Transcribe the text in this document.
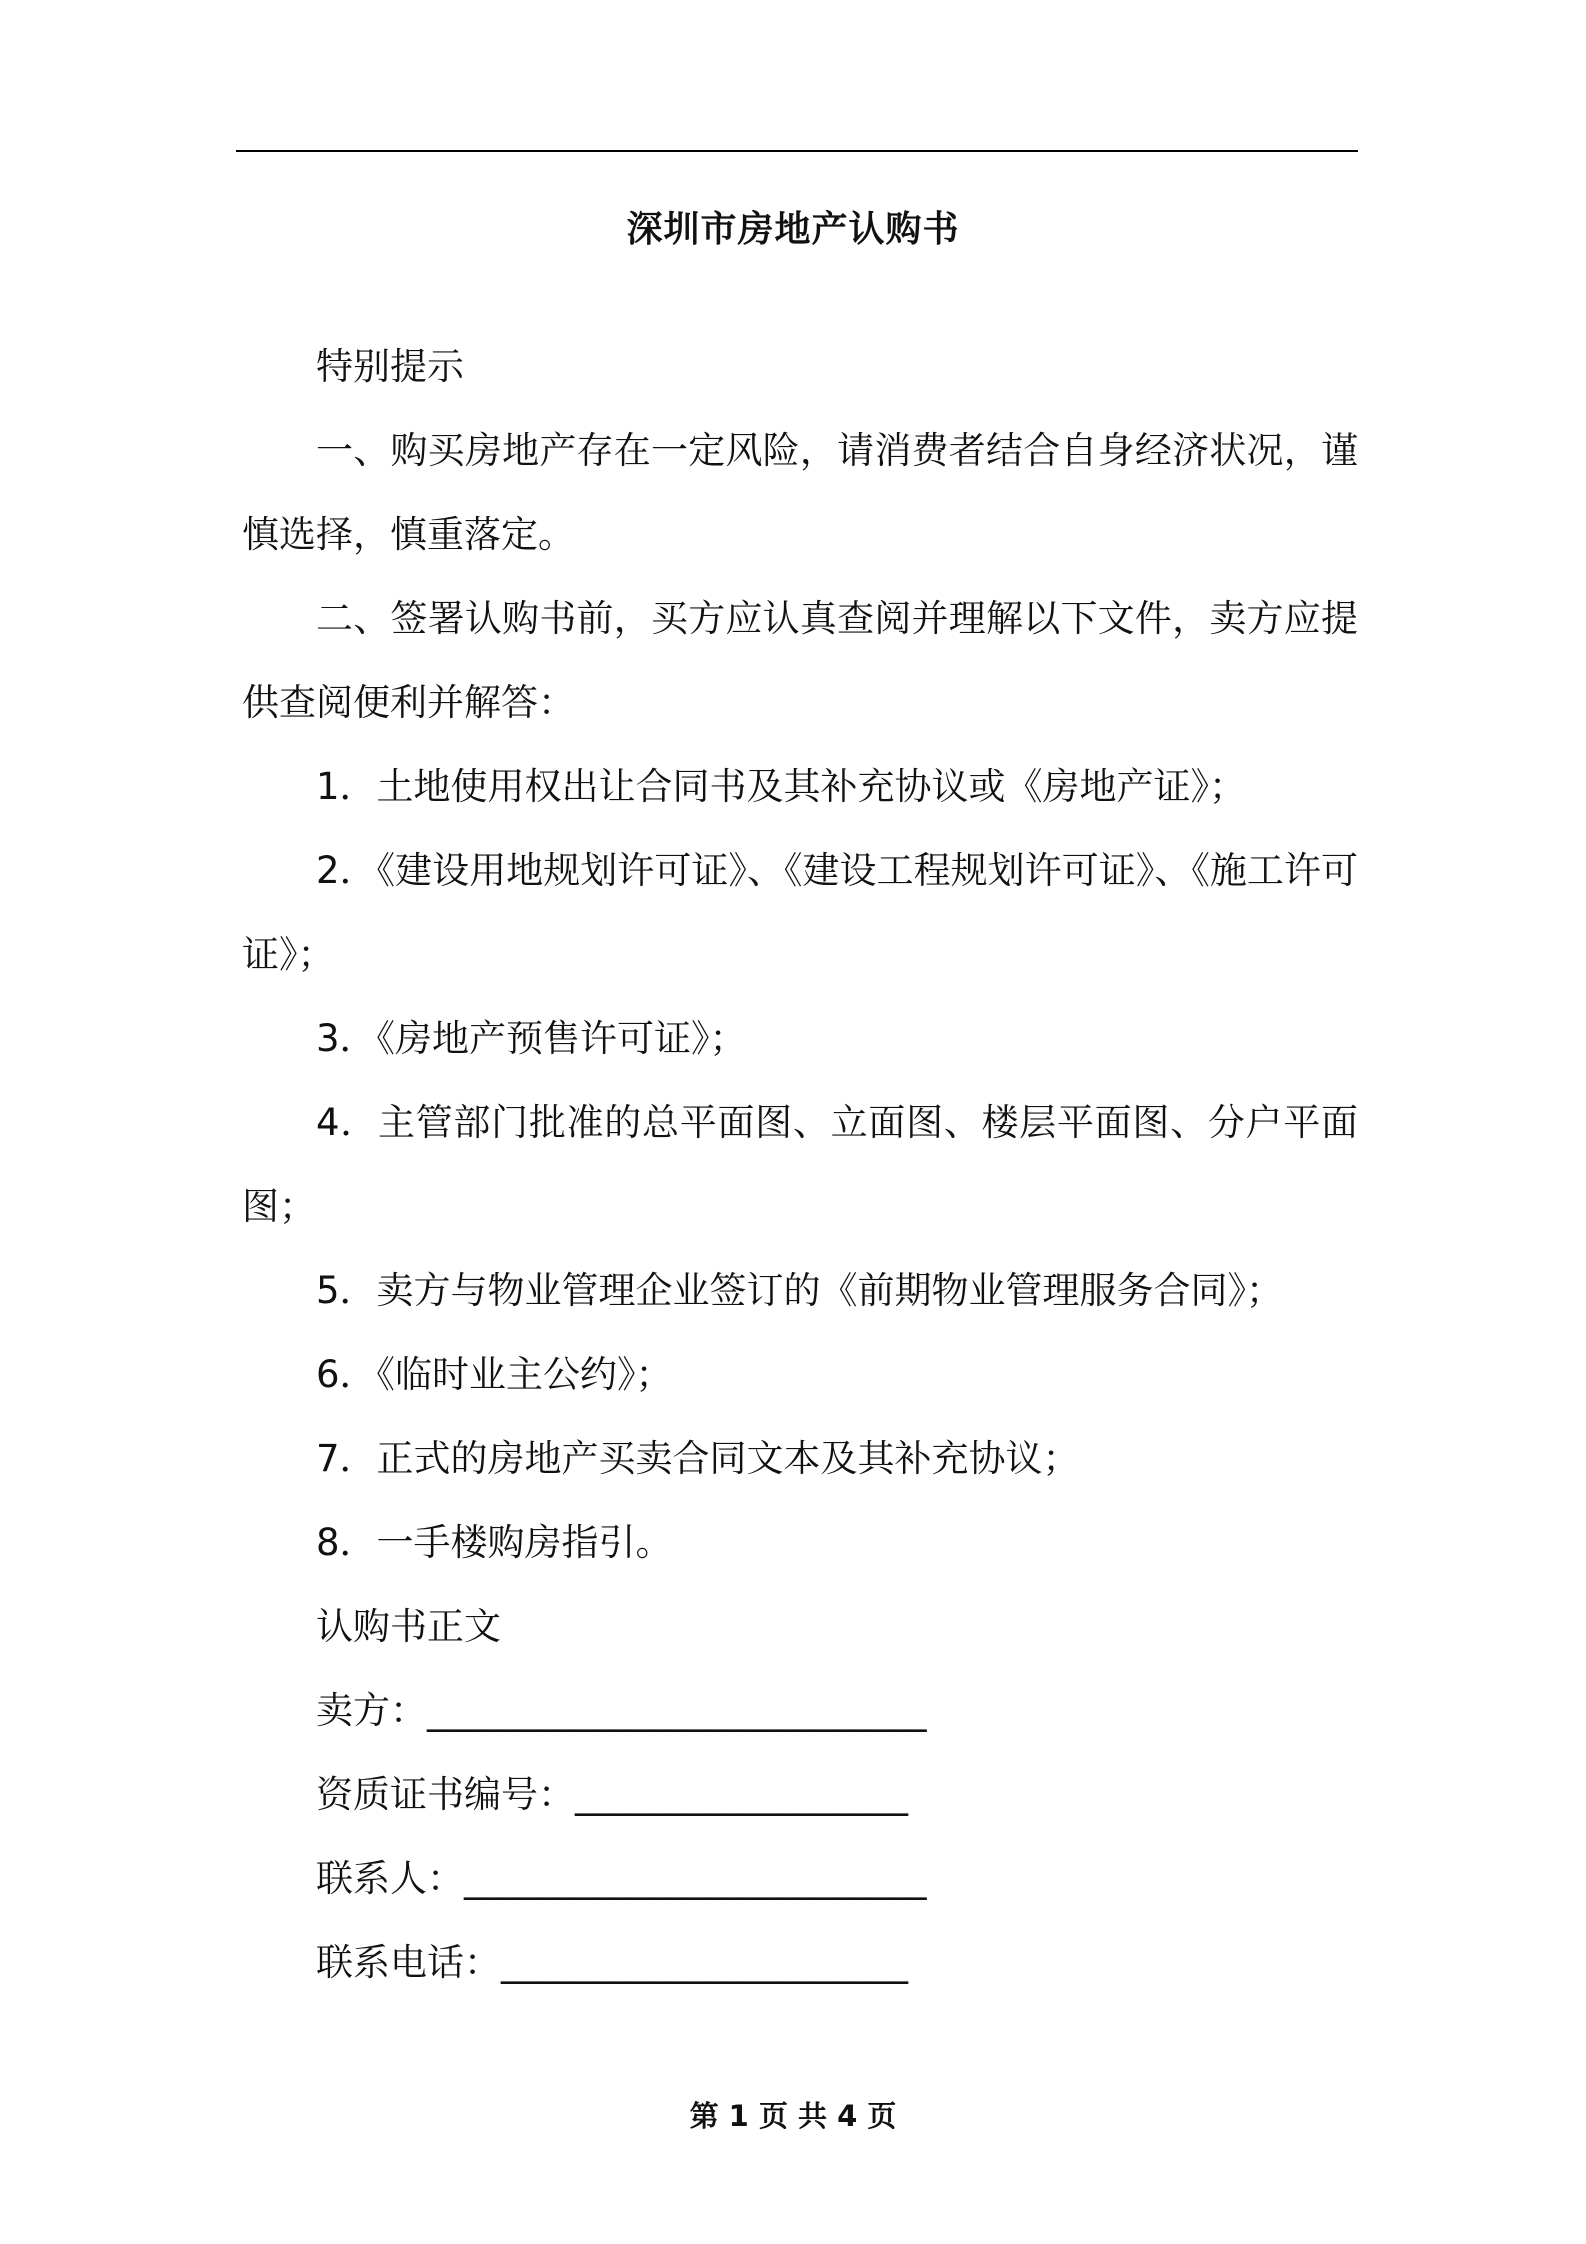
深圳市房地产认购书

特别提示

一、购买房地产存在一定风险，请消费者结合自身经济状况，谨慎选择，慎重落定。

二、签署认购书前，买方应认真查阅并理解以下文件，卖方应提供查阅便利并解答：

1．土地使用权出让合同书及其补充协议或《房地产证》；

2．《建设用地规划许可证》、《建设工程规划许可证》、《施工许可证》；

3．《房地产预售许可证》；

4．主管部门批准的总平面图、立面图、楼层平面图、分户平面图；

5．卖方与物业管理企业签订的《前期物业管理服务合同》；

6．《临时业主公约》；

7．正式的房地产买卖合同文本及其补充协议；

8．一手楼购房指引。

认购书正文

卖方：___________________________

资质证书编号：__________________

联系人：_________________________

联系电话：______________________

第 1 页 共 4 页
